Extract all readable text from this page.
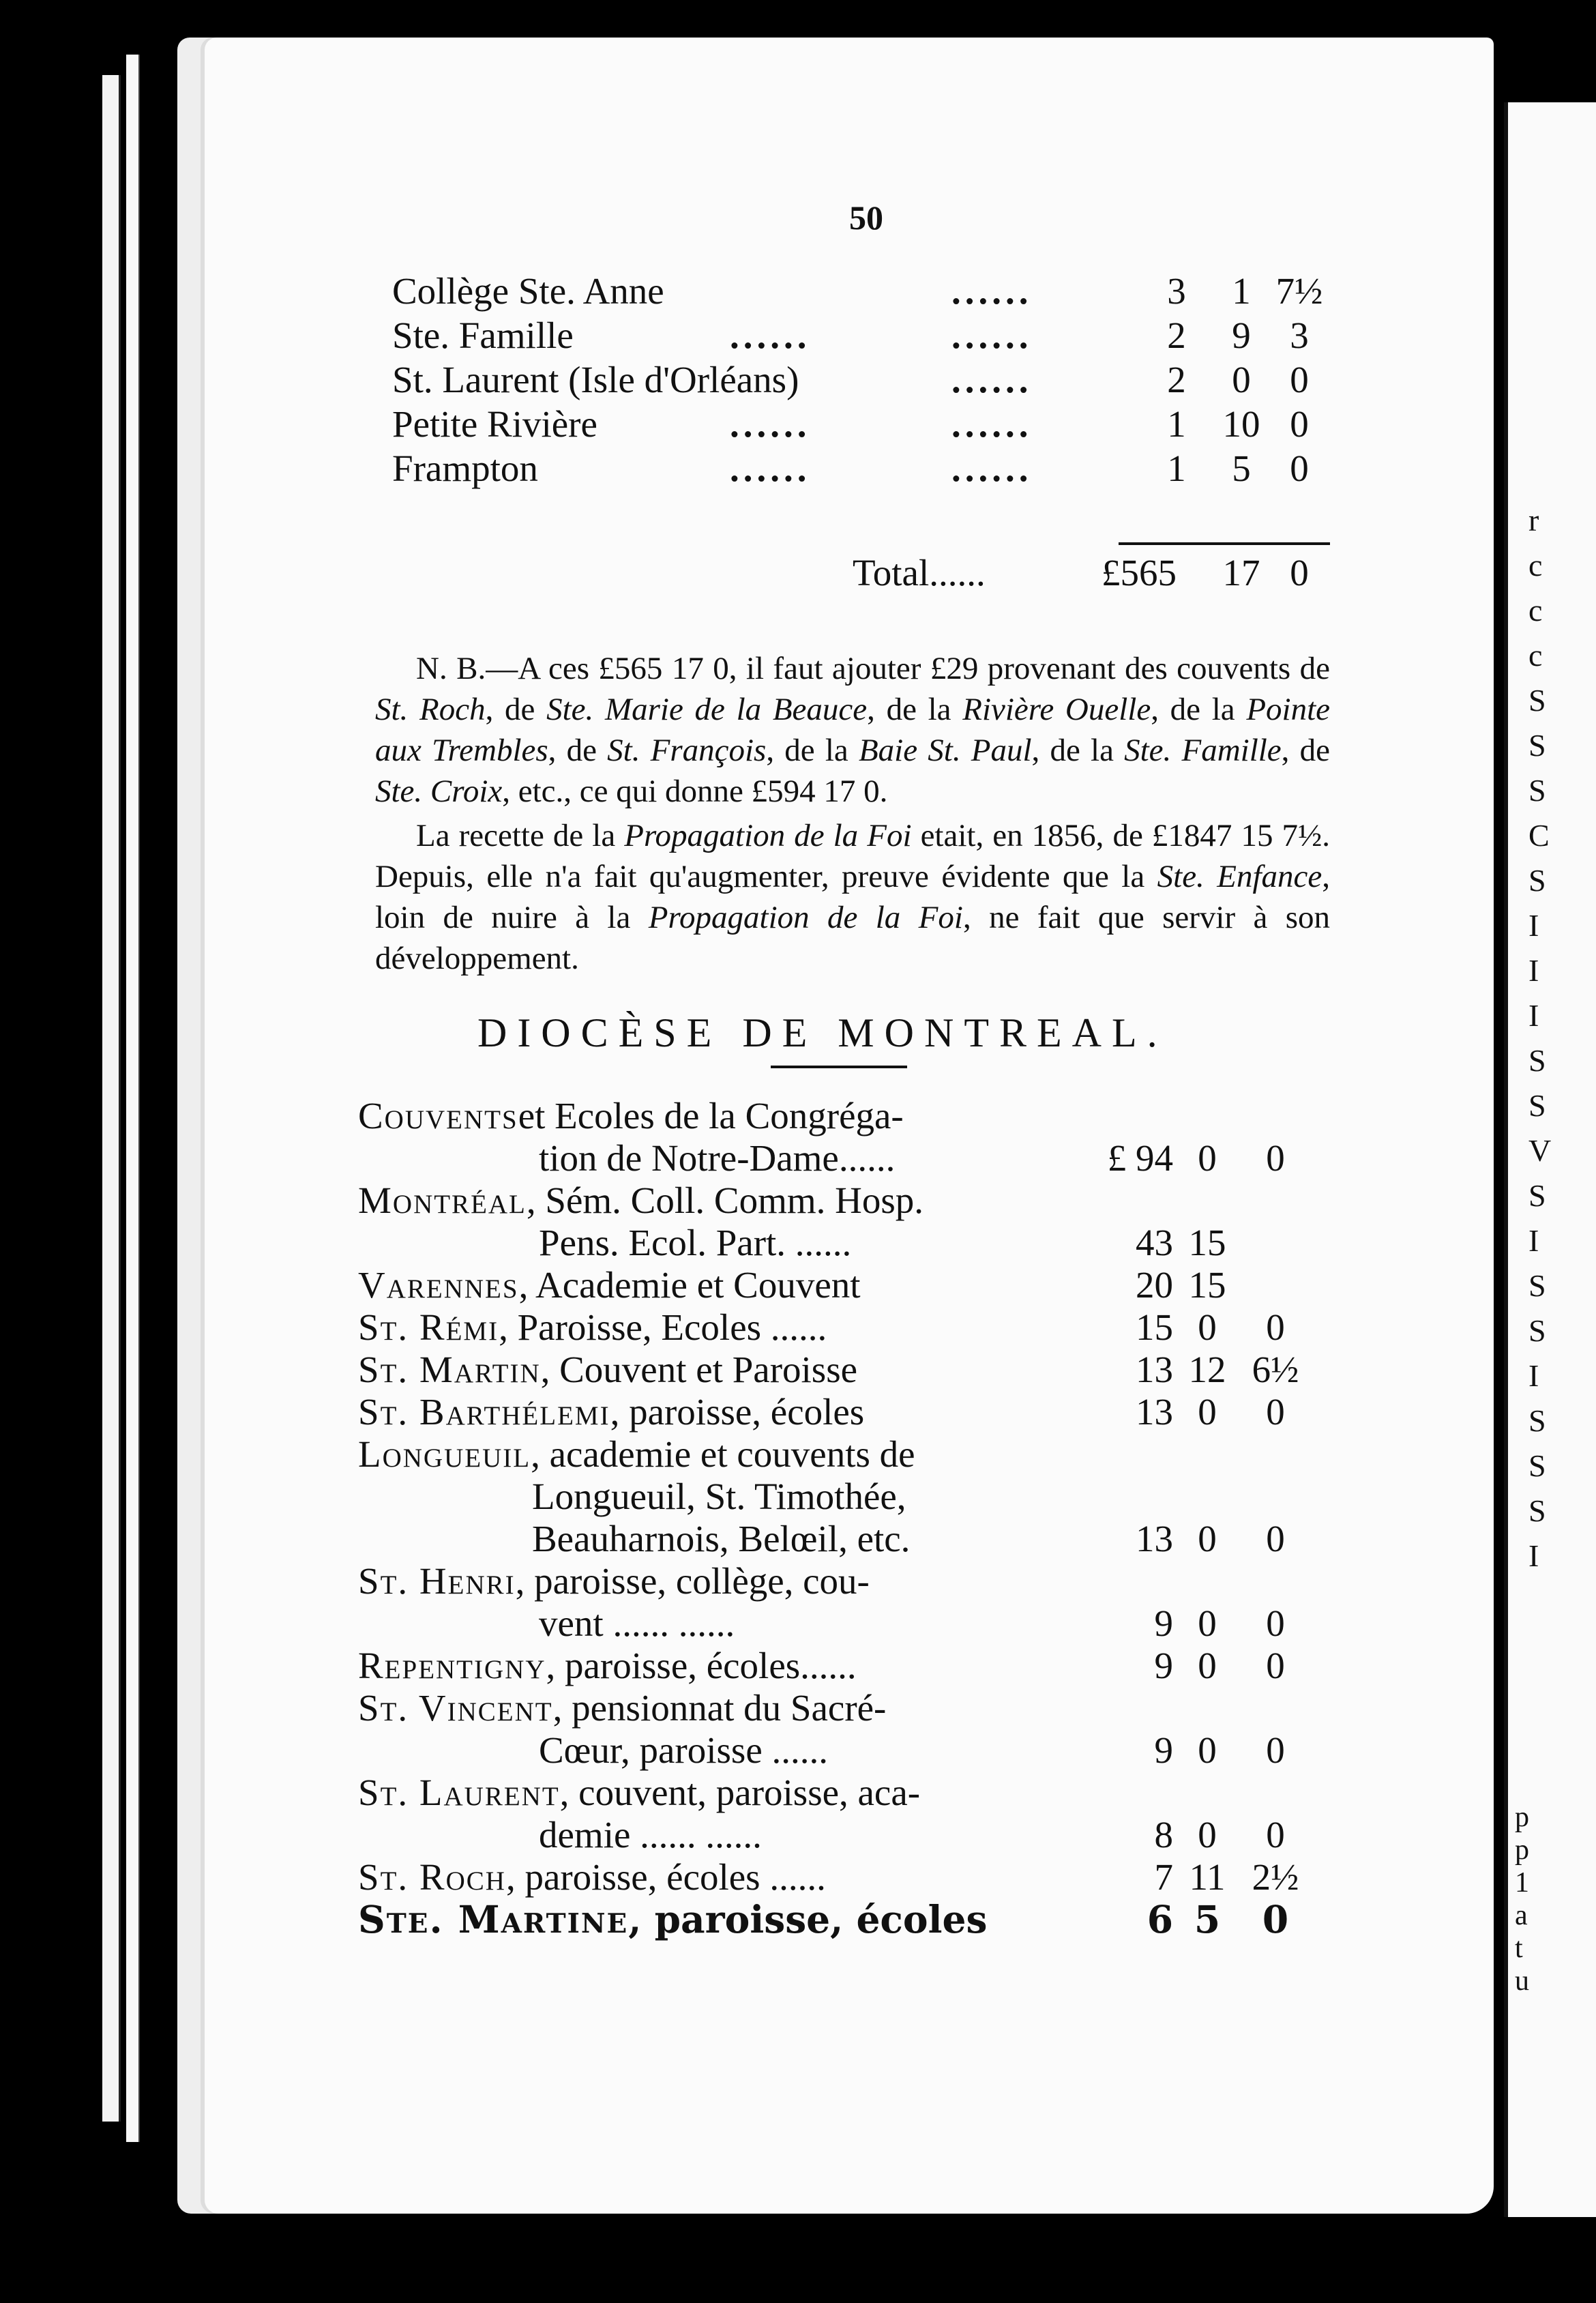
r
c
c
c
S
S
S
C
S
I
I
I
S
S
V
S
I
S
S
I
S
S
S
I
p
p
1
a
t
u
50
Collège Ste. Anne	......	3	1 7½
Ste. Famille	......	......	2	9	3
St. Laurent (Isle d'Orléans)	......	2	0	0
Petite Rivière	......	......	1 10 0
Frampton	......	......	1	5	0
Total......	£565 17 0

N. B.—A ces £565 17 0, il faut ajouter £29 provenant des couvents de St. Roch, de Ste. Marie de la Beauce, de la Rivière Ouelle, de la Pointe aux Trembles, de St. François, de la Baie St. Paul, de la Ste. Famille, de Ste. Croix, etc., ce qui donne £594 17 0.

La recette de la Propagation de la Foi etait, en 1856, de £1847 15 7½. Depuis, elle n'a fait qu'augmenter, preuve évidente que la Ste. Enfance, loin de nuire à la Propagation de la Foi, ne fait que servir à son développement.

DIOCÈSE DE MONTREAL.
Couventset Ecoles de la Congréga-
tion de Notre-Dame......	£ 94 0	0
Montréal, Sém. Coll. Comm. Hosp.
Pens. Ecol. Part. ......	43 15
Varennes, Academie et Couvent	20 15
St. Rémi, Paroisse, Ecoles ......	15 0	0
St. Martin, Couvent et Paroisse	13 12 6½
St. Barthélemi, paroisse, écoles	13 0	0
Longueuil, academie et couvents de
Longueuil, St. Timothée,
Beauharnois, Belœil, etc.	13 0	0
St. Henri, paroisse, collège, cou-
vent ...... ......	9 0	0
Repentigny, paroisse, écoles......	9 0	0
St. Vincent, pensionnat du Sacré-
Cœur, paroisse ......	9 0	0
St. Laurent, couvent, paroisse, aca-
demie ...... ......	8 0	0
St. Roch, paroisse, écoles ......	7 11 2½
Ste. Martine, paroisse, écoles	6 5	0
